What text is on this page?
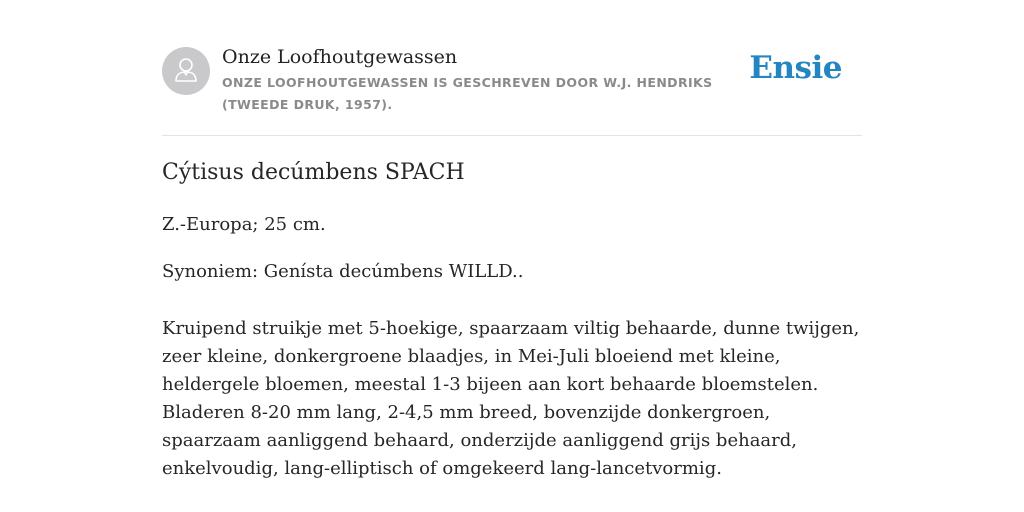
Onze Loofhoutgewassen
ONZE LOOFHOUTGEWASSEN IS GESCHREVEN DOOR W.J. HENDRIKS (TWEEDE DRUK, 1957).
Ensie
Cýtisus decúmbens SPACH
Z.-Europa; 25 cm.
Synoniem: Genísta decúmbens WILLD..
Kruipend struikje met 5-hoekige, spaarzaam viltig behaarde, dunne twijgen, zeer kleine, donkergroene blaadjes, in Mei-Juli bloeiend met kleine, heldergele bloemen, meestal 1-3 bijeen aan kort behaarde bloemstelen. Bladeren 8-20 mm lang, 2-4,5 mm breed, bovenzijde donkergroen, spaarzaam aanliggend behaard, onderzijde aanliggend grijs behaard, enkelvoudig, lang-elliptisch of omgekeerd lang-lancetvormig.
